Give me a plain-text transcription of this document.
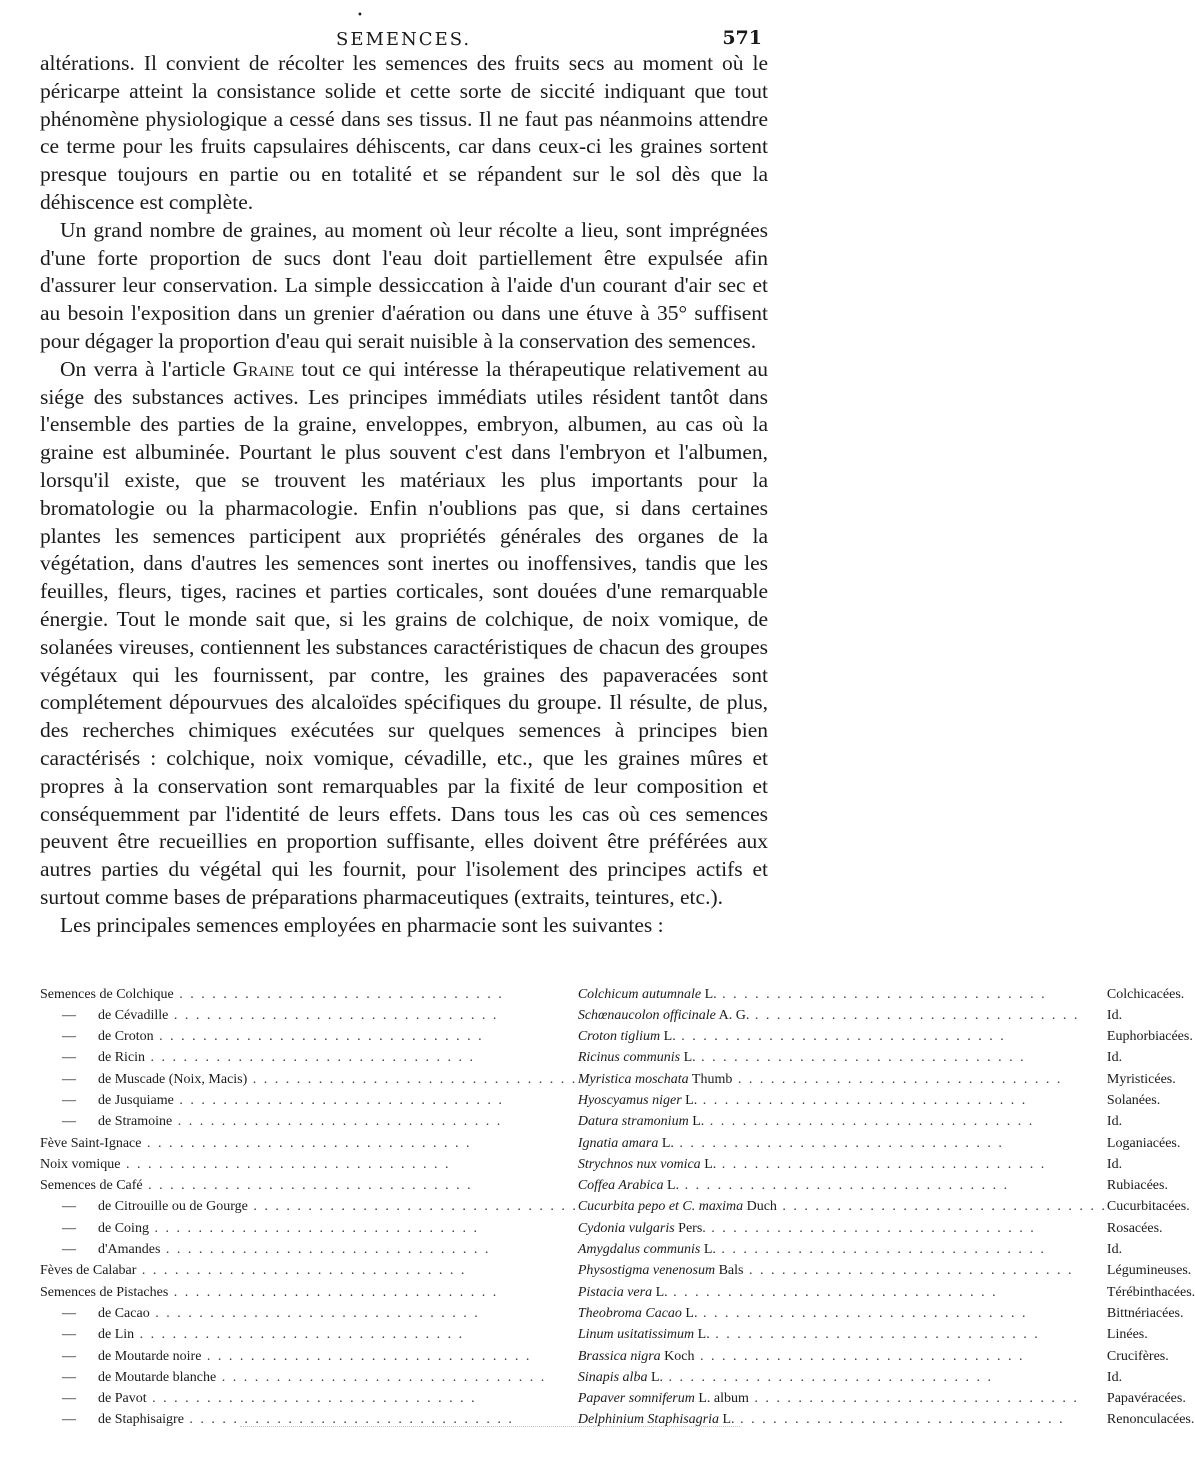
•
SEMENCES.	571

altérations. Il convient de récolter les semences des fruits secs au moment où le péricarpe atteint la consistance solide et cette sorte de siccité indiquant que tout phénomène physiologique a cessé dans ses tissus. Il ne faut pas néanmoins attendre ce terme pour les fruits capsulaires déhiscents, car dans ceux-ci les graines sortent presque toujours en partie ou en totalité et se répandent sur le sol dès que la déhiscence est complète.

Un grand nombre de graines, au moment où leur récolte a lieu, sont imprégnées d'une forte proportion de sucs dont l'eau doit partiellement être expulsée afin d'assurer leur conservation. La simple dessiccation à l'aide d'un courant d'air sec et au besoin l'exposition dans un grenier d'aération ou dans une étuve à 35° suffisent pour dégager la proportion d'eau qui serait nuisible à la conservation des semences.

On verra à l'article Graine tout ce qui intéresse la thérapeutique relativement au siége des substances actives. Les principes immédiats utiles résident tantôt dans l'ensemble des parties de la graine, enveloppes, embryon, albumen, au cas où la graine est albuminée. Pourtant le plus souvent c'est dans l'embryon et l'albumen, lorsqu'il existe, que se trouvent les matériaux les plus importants pour la bromatologie ou la pharmacologie. Enfin n'oublions pas que, si dans certaines plantes les semences participent aux propriétés générales des organes de la végétation, dans d'autres les semences sont inertes ou inoffensives, tandis que les feuilles, fleurs, tiges, racines et parties corticales, sont douées d'une remarquable énergie. Tout le monde sait que, si les grains de colchique, de noix vomique, de solanées vireuses, contiennent les substances caractéristiques de chacun des groupes végétaux qui les fournissent, par contre, les graines des papaveracées sont complétement dépourvues des alcaloïdes spécifiques du groupe. Il résulte, de plus, des recherches chimiques exécutées sur quelques semences à principes bien caractérisés : colchique, noix vomique, cévadille, etc., que les graines mûres et propres à la conservation sont remarquables par la fixité de leur composition et conséquemment par l'identité de leurs effets. Dans tous les cas où ces semences peuvent être recueillies en proportion suffisante, elles doivent être préférées aux autres parties du végétal qui les fournit, pour l'isolement des principes actifs et surtout comme bases de préparations pharmaceutiques (extraits, teintures, etc.).

Les principales semences employées en pharmacie sont les suivantes :

Semences de Colchique . . . . . . . . . . . . . . . . . . . . . . . . . . . . . .	Colchicum autumnale L. . . . . . . . . . . . . . . . . . . . . . . . . . . . . . .	Colchicacées.
— de Cévadille . . . . . . . . . . . . . . . . . . . . . . . . . . . . . .	Schœnaucolon officinale A. G. . . . . . . . . . . . . . . . . . . . . . . . . . . . . . .	Id.
— de Croton . . . . . . . . . . . . . . . . . . . . . . . . . . . . . .	Croton tiglium L. . . . . . . . . . . . . . . . . . . . . . . . . . . . . . .	Euphorbiacées.
— de Ricin . . . . . . . . . . . . . . . . . . . . . . . . . . . . . .	Ricinus communis L. . . . . . . . . . . . . . . . . . . . . . . . . . . . . . .	Id.
— de Muscade (Noix, Macis) . . . . . . . . . . . . . . . . . . . . . . . . . . . . . .	Myristica moschata Thumb . . . . . . . . . . . . . . . . . . . . . . . . . . . . . .	Myristicées.
— de Jusquiame . . . . . . . . . . . . . . . . . . . . . . . . . . . . . .	Hyoscyamus niger L. . . . . . . . . . . . . . . . . . . . . . . . . . . . . . .	Solanées.
— de Stramoine . . . . . . . . . . . . . . . . . . . . . . . . . . . . . .	Datura stramonium L. . . . . . . . . . . . . . . . . . . . . . . . . . . . . . .	Id.
Fève Saint-Ignace . . . . . . . . . . . . . . . . . . . . . . . . . . . . . .	Ignatia amara L. . . . . . . . . . . . . . . . . . . . . . . . . . . . . . .	Loganiacées.
Noix vomique . . . . . . . . . . . . . . . . . . . . . . . . . . . . . .	Strychnos nux vomica L. . . . . . . . . . . . . . . . . . . . . . . . . . . . . . .	Id.
Semences de Café . . . . . . . . . . . . . . . . . . . . . . . . . . . . . .	Coffea Arabica L. . . . . . . . . . . . . . . . . . . . . . . . . . . . . . .	Rubiacées.
— de Citrouille ou de Gourge . . . . . . . . . . . . . . . . . . . . . . . . . . . . . .	Cucurbita pepo et C. maxima Duch . . . . . . . . . . . . . . . . . . . . . . . . . . . . . .	Cucurbitacées.
— de Coing . . . . . . . . . . . . . . . . . . . . . . . . . . . . . .	Cydonia vulgaris Pers. . . . . . . . . . . . . . . . . . . . . . . . . . . . . . .	Rosacées.
— d'Amandes . . . . . . . . . . . . . . . . . . . . . . . . . . . . . .	Amygdalus communis L. . . . . . . . . . . . . . . . . . . . . . . . . . . . . . .	Id.
Fèves de Calabar . . . . . . . . . . . . . . . . . . . . . . . . . . . . . .	Physostigma venenosum Bals . . . . . . . . . . . . . . . . . . . . . . . . . . . . . .	Légumineuses.
Semences de Pistaches . . . . . . . . . . . . . . . . . . . . . . . . . . . . . .	Pistacia vera L. . . . . . . . . . . . . . . . . . . . . . . . . . . . . . .	Térébinthacées.
— de Cacao . . . . . . . . . . . . . . . . . . . . . . . . . . . . . .	Theobroma Cacao L. . . . . . . . . . . . . . . . . . . . . . . . . . . . . . .	Bittnériacées.
— de Lin . . . . . . . . . . . . . . . . . . . . . . . . . . . . . .	Linum usitatissimum L. . . . . . . . . . . . . . . . . . . . . . . . . . . . . . .	Linées.
— de Moutarde noire . . . . . . . . . . . . . . . . . . . . . . . . . . . . . .	Brassica nigra Koch . . . . . . . . . . . . . . . . . . . . . . . . . . . . . .	Crucifères.
— de Moutarde blanche . . . . . . . . . . . . . . . . . . . . . . . . . . . . . .	Sinapis alba L. . . . . . . . . . . . . . . . . . . . . . . . . . . . . . .	Id.
— de Pavot . . . . . . . . . . . . . . . . . . . . . . . . . . . . . .	Papaver somniferum L. album . . . . . . . . . . . . . . . . . . . . . . . . . . . . . .	Papavéracées.
— de Staphisaigre . . . . . . . . . . . . . . . . . . . . . . . . . . . . . .	Delphinium Staphisagria L. . . . . . . . . . . . . . . . . . . . . . . . . . . . . . .	Renonculacées.
